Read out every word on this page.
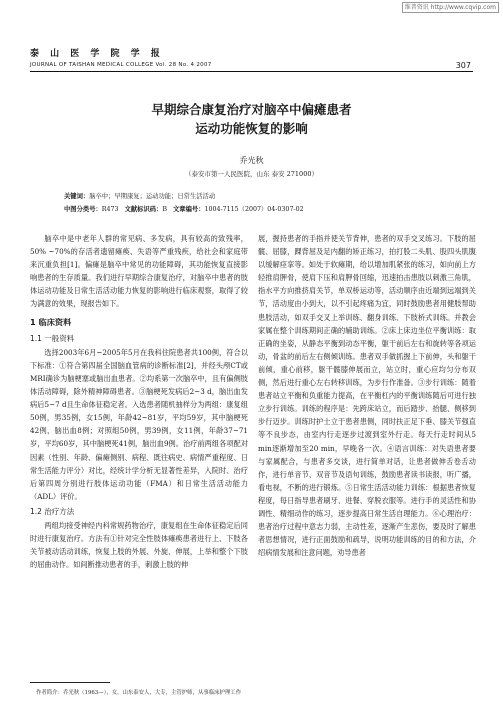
维普资讯 http://www.cqvip.com
泰 山 医 学 院 学 报
JOURNAL OF TAISHAN MEDICAL COLLEGE Vol. 28 No. 4 2007	307
早期综合康复治疗对脑卒中偏瘫患者
运动功能恢复的影响
乔光秋
（泰安市第一人民医院，山东 泰安 271000）
关键词：脑卒中；早期康复；运动功能；日常生活活动
中图分类号：R473 文献标识码：B 文章编号：1004-7115（2007）04-0307-02

脑卒中是中老年人群的常见病、多发病，具有较高的致残率，50% ~70%的存活者遗留瘫痪、失语等严重残疾，给社会和家庭带来沉重负担[1]。偏瘫是脑卒中常见的功能障碍，其功能恢复直接影响患者的生存质量。我们进行早期综合康复治疗，对脑卒中患者的肢体运动功能及日常生活活动能力恢复的影响进行临床观察，取得了较为满意的效果，现报告如下。

1 临床资料
1.1 一般资料

选择2003年6月~2005年5月在我科住院患者共100例，符合以下标准：①符合第四届全国脑血管病的诊断标准[2]，并经头颅CT或MRI确诊为脑梗塞或脑出血患者。②均系第一次脑卒中，且有偏侧肢体活动障碍，除外精神障碍患者。③脑梗死发病后2~3 d，脑出血发病后5~7 d且生命体征稳定者。入选患者随机抽样分为两组：康复组50例，男35例，女15例，年龄42~81岁，平均59岁，其中脑梗死42例，脑出血8例；对照组50例，男39例，女11例，年龄37~71岁，平均60岁，其中脑梗死41例，脑出血9例。治疗前两组各项配对因素（性别、年龄、偏瘫侧别、病程、既往病史、病情严重程度、日常生活能力评分）对比，经统计学分析无显著性差异，入院时、治疗后第四周分别进行肢体运动功能（FMA）和日常生活活动能力（ADL）评价。

1.2 治疗方法

两组均接受神经内科常规药物治疗，康复组在生命体征稳定后同时进行康复治疗。方法有①针对完全性肢体瘫痪患者进行上、下肢各关节被动活动训练，恢复上肢的外展、外旋、伸展，上举和整个下肢的屈曲动作。如间断推动患者的手，刺激上肢的伸

展，握持患者的手指并使关节背伸，患者的双手交叉练习。下肢的屈髋、屈膝，踝背屈及足内翻的矫正练习，拍打股二头肌、股四头肌腹以缓解痉挛等。如处于软瘫期，给以增加肌紧张的练习，如向前上方轻推肩胛骨，使肩下压和肩胛骨回缩，迅速拍击患肢以刺激三角肌，指水平方向推挤肩关节，单双桥运动等，活动顺序由近端到远端到关节，活动度由小到大，以不引起疼痛为宜，同时鼓励患者用健肢帮助患肢活动，如双手交叉上举训练、翻身训练、下肢桥式训练。并教会家属在整个训练期间正确的辅助训练。②床上床边坐位平衡训练：取正确的坐姿，从静态平衡到动态平衡，躯干前后左右和旋转等各项运动，骨盆的前后左右侧倾训练。患者双手做抓握上下前伸，头和躯干前倾，重心前移，躯干髋膝伸展而立，站立时，重心应均匀分布双侧，然后进行重心左右转移训练，为步行作准备。③步行训练：随着患者站立平衡和负重能力提高，在平衡杠内的平衡训练随后可进行独立步行训练。训练的程序是：先跨床站立，而后踏步、抬腿、侧移到步行迈步。训练时护士立于患者患侧，同时扶正足下垂、膝关节强直等不良步态，由室内行走逐步过渡到室外行走。每天行走时间从5 min逐渐增加至20 min，早晚各一次。④语言训练：对失语患者要与家属配合，与患者多交谈，进行简单对话，让患者做伸舌卷舌动作，进行单音节、双音节及语句训练，鼓励患者读书读报，听广播，看电视，不断的进行锻炼。⑤日常生活活动能力训练：根据患者恢复程度，每日指导患者刷牙、进餐、穿脱衣服等。进行手的灵活性和协调性、精细动作的练习，逐步提高日常生活自理能力。⑥心理治疗：患者治疗过程中意志力弱，主动性差，逐渐产生悲伤，要及时了解患者思想情况，进行正面鼓励和疏导，说明功能训练的目的和方法，介绍病情发展和注意问题，劝导患者

作者简介：乔光秋（1963—），女，山东泰安人，大专，主管护师，从事临床护理工作
